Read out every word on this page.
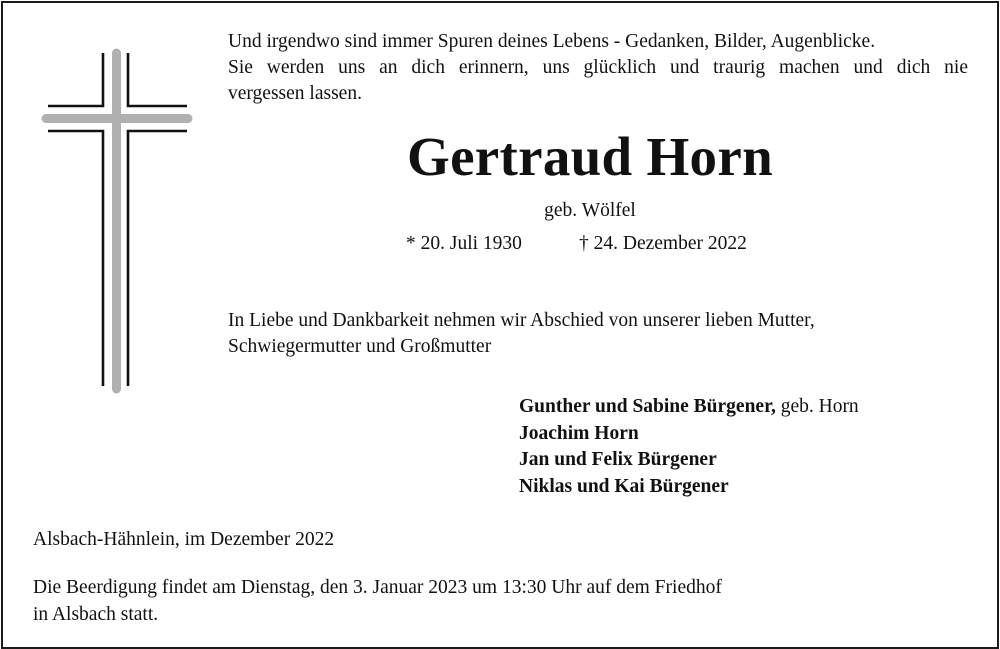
Und irgendwo sind immer Spuren deines Lebens - Gedanken, Bilder, Augenblicke.
Sie werden uns an dich erinnern, uns glücklich und traurig machen und dich nie
vergessen lassen.
Gertraud Horn
geb. Wölfel
* 20. Juli 1930	† 24. Dezember 2022
In Liebe und Dankbarkeit nehmen wir Abschied von unserer lieben Mutter,
Schwiegermutter und Großmutter
Gunther und Sabine Bürgener, geb. Horn
Joachim Horn
Jan und Felix Bürgener
Niklas und Kai Bürgener
Alsbach-Hähnlein, im Dezember 2022
Die Beerdigung findet am Dienstag, den 3. Januar 2023 um 13:30 Uhr auf dem Friedhof
in Alsbach statt.
